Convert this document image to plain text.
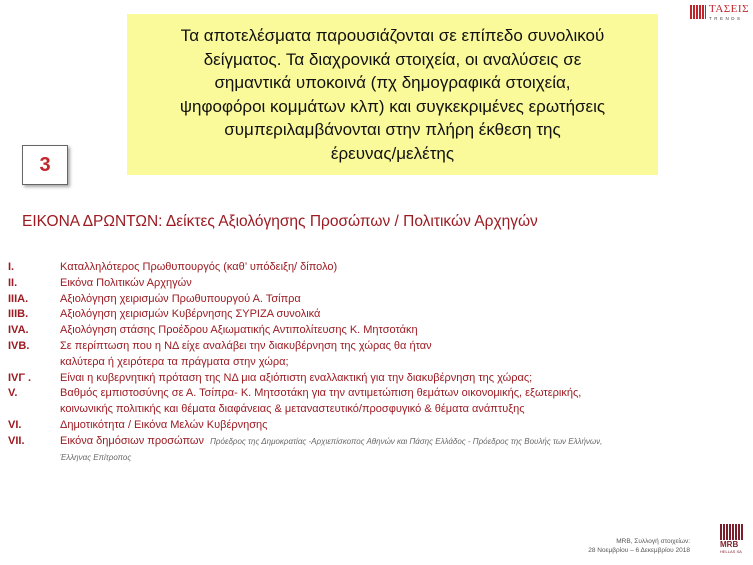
Τα αποτελέσματα παρουσιάζονται σε επίπεδο συνολικού
δείγματος. Τα διαχρονικά στοιχεία, οι αναλύσεις σε
σημαντικά υποκοινά (πχ δημογραφικά στοιχεία,
ψηφοφόροι κομμάτων κλπ) και συγκεκριμένες ερωτήσεις
συμπεριλαμβάνονται στην πλήρη έκθεση της
έρευνας/μελέτης
ΤΑΣΕΙΣ
TRENDS
3
ΕΙΚΟΝΑ ΔΡΩΝΤΩΝ: Δείκτες Αξιολόγησης Προσώπων / Πολιτικών Αρχηγών
I.	Καταλληλότερος Πρωθυπουργός (καθ’ υπόδειξη/ δίπολο)
II.	Εικόνα Πολιτικών Αρχηγών
IIIA.	Αξιολόγηση χειρισμών Πρωθυπουργού Α. Τσίπρα
IIIB.	Αξιολόγηση χειρισμών Κυβέρνησης ΣΥΡΙΖΑ συνολικά
IVA.	Αξιολόγηση στάσης Προέδρου Αξιωματικής Αντιπολίτευσης Κ. Μητσοτάκη
IVB.	Σε περίπτωση που η ΝΔ είχε αναλάβει την διακυβέρνηση της χώρας θα ήταν
καλύτερα ή χειρότερα τα πράγματα στην χώρα;
IVΓ .	Είναι η κυβερνητική πρόταση της ΝΔ μια αξιόπιστη εναλλακτική για την διακυβέρνηση της χώρας;
V.	Βαθμός εμπιστοσύνης σε Α. Τσίπρα- Κ. Μητσοτάκη για την αντιμετώπιση θεμάτων οικονομικής, εξωτερικής,
κοινωνικής πολιτικής και θέματα διαφάνειας & μεταναστευτικό/προσφυγικό & θέματα ανάπτυξης
VI.	Δημοτικότητα / Εικόνα Μελών Κυβέρνησης
VII.	Εικόνα δημόσιων προσώπων Πρόεδρος της Δημοκρατίας -Αρχιεπίσκοπος Αθηνών και Πάσης Ελλάδος - Πρόεδρος της Βουλής των Ελλήνων,
Έλληνας Επίτροπος
MRB, Συλλογή στοιχείων:
28 Νοεμβρίου – 6 Δεκεμβρίου 2018
MRB
HELLAS SA
